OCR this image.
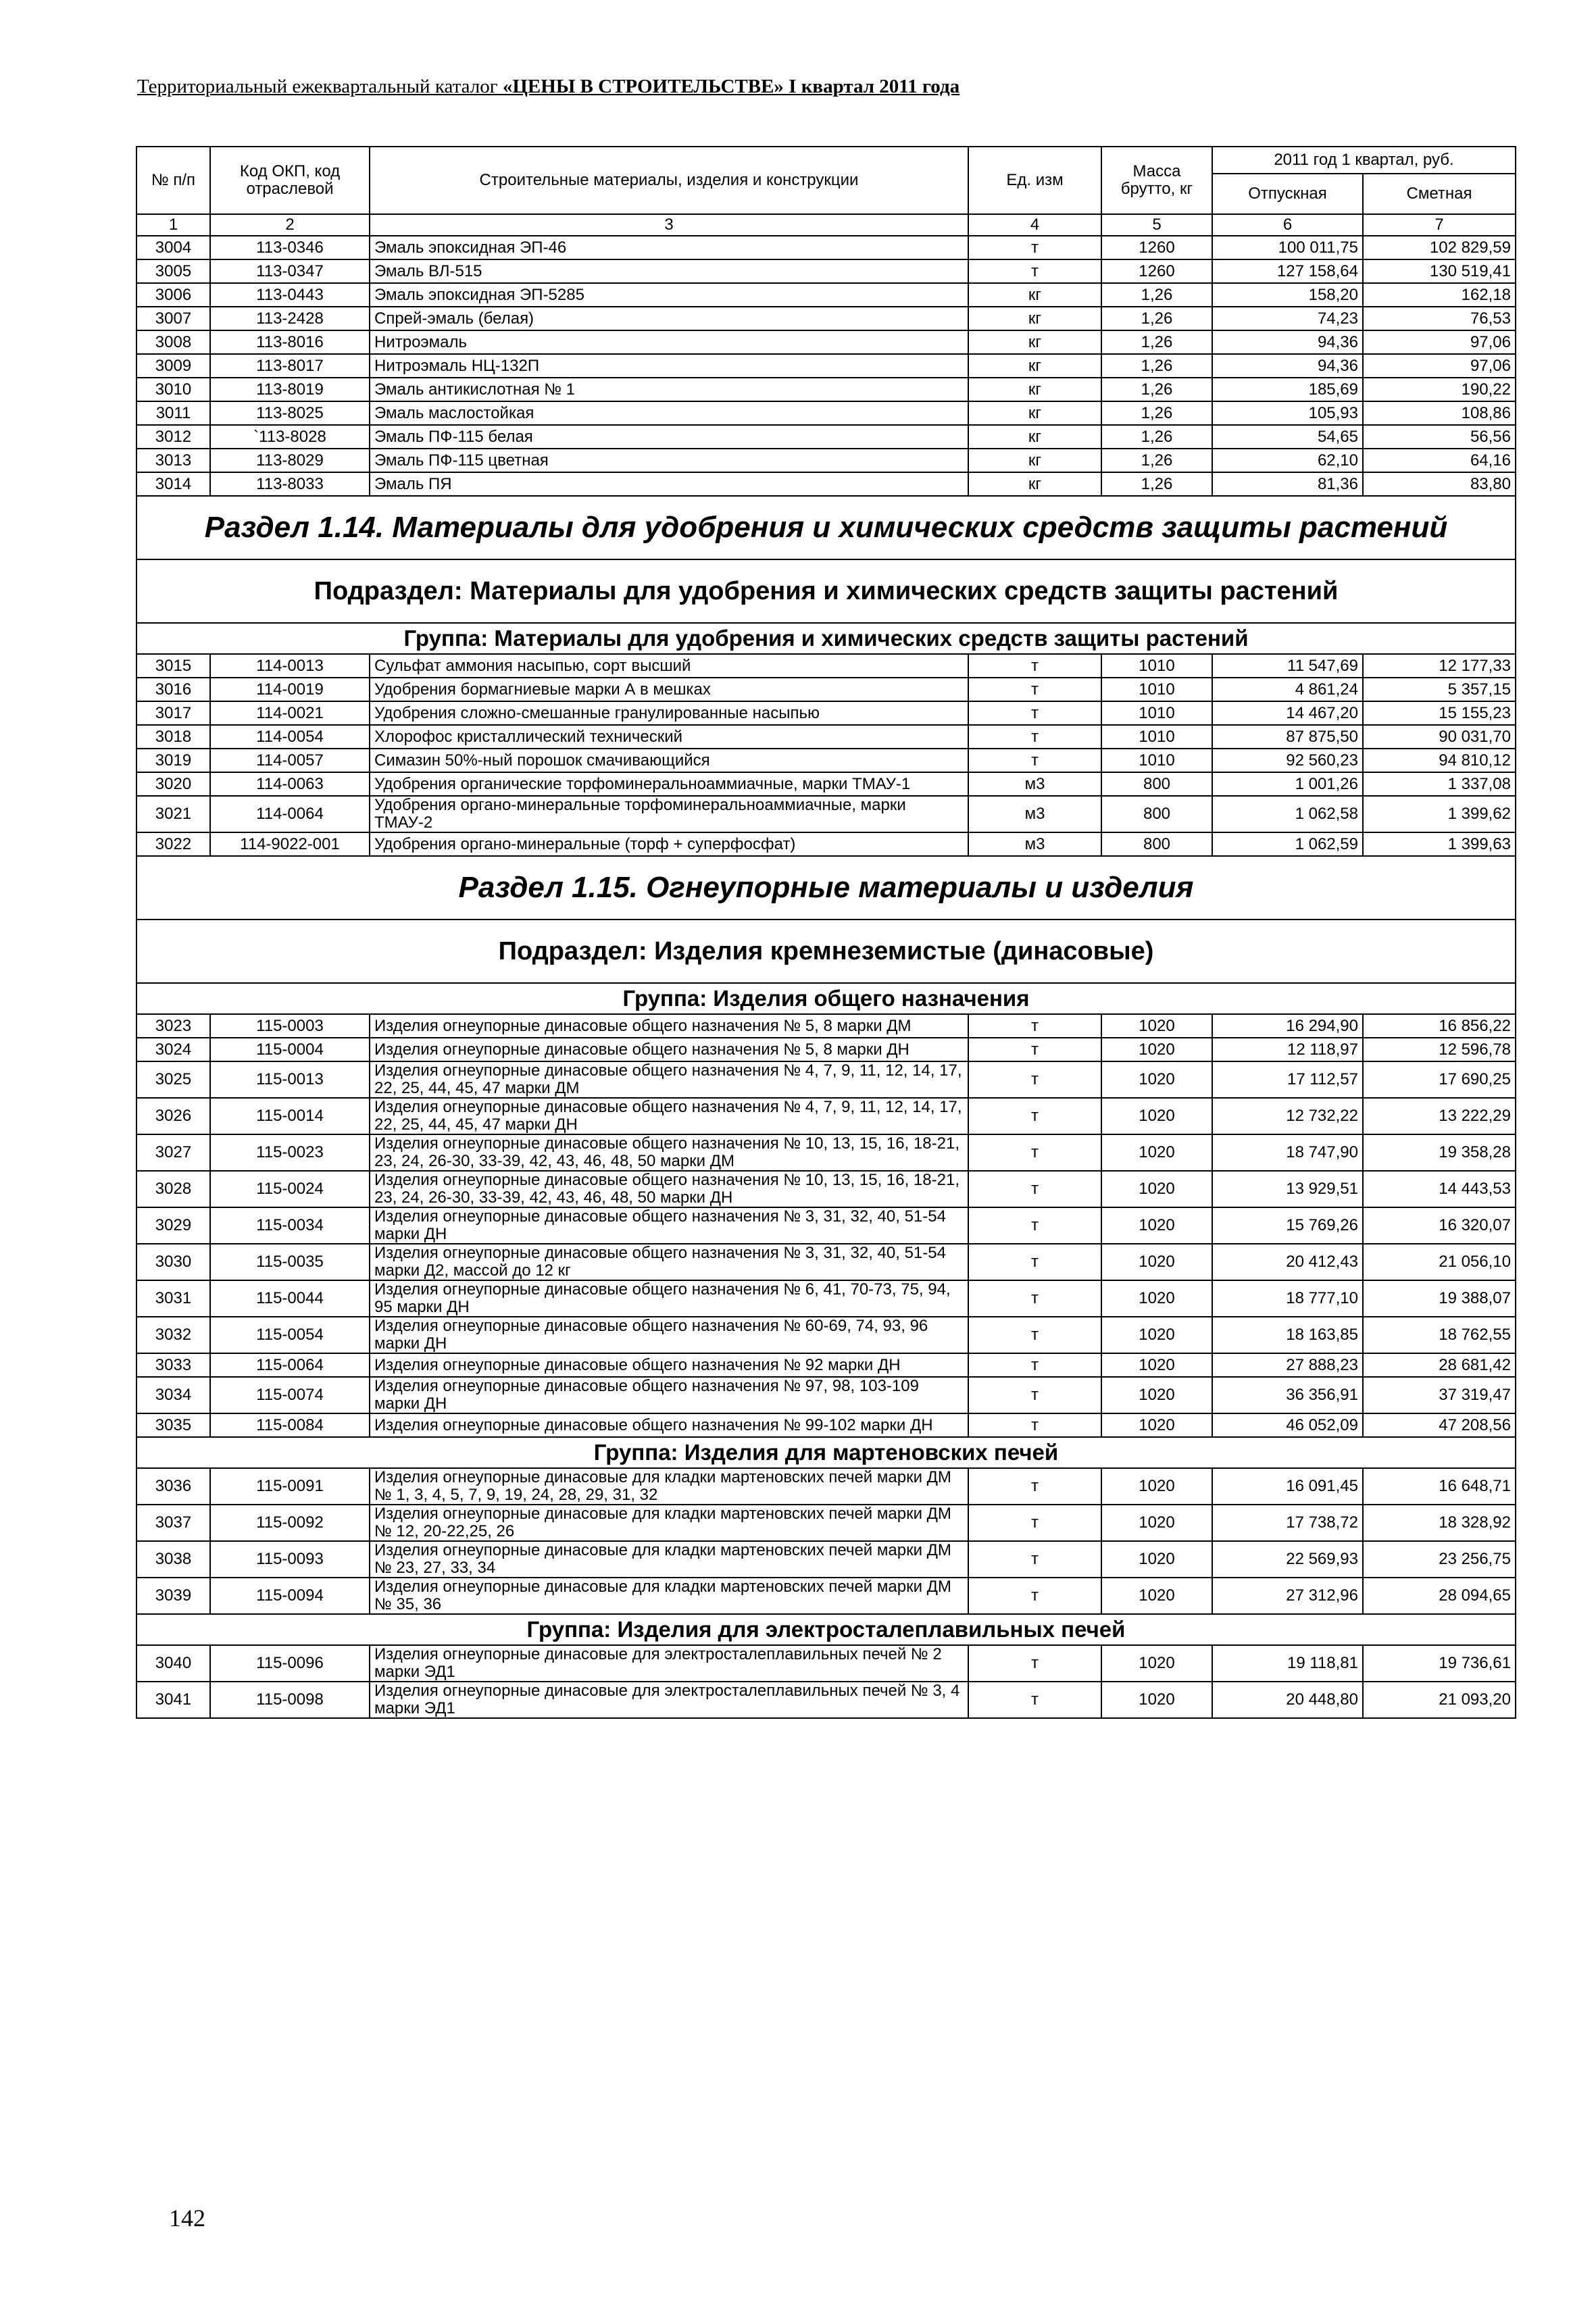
Территориальный ежеквартальный каталог «ЦЕНЫ В СТРОИТЕЛЬСТВЕ» I квартал 2011 года
№ п/п	Код ОКП, код отраслевой	Строительные материалы, изделия и конструкции	Ед. изм	Масса брутто, кг	2011 год 1 квартал, руб.	
					Отпускная	Сметная
1	2	3	4	5	6	7
3004	113-0346	Эмаль эпоксидная ЭП-46	т	1260	100 011,75	102 829,59
3005	113-0347	Эмаль ВЛ-515	т	1260	127 158,64	130 519,41
3006	113-0443	Эмаль эпоксидная ЭП-5285	кг	1,26	158,20	162,18
3007	113-2428	Спрей-эмаль (белая)	кг	1,26	74,23	76,53
3008	113-8016	Нитроэмаль	кг	1,26	94,36	97,06
3009	113-8017	Нитроэмаль НЦ-132П	кг	1,26	94,36	97,06
3010	113-8019	Эмаль антикислотная № 1	кг	1,26	185,69	190,22
3011	113-8025	Эмаль маслостойкая	кг	1,26	105,93	108,86
3012	`113-8028	Эмаль ПФ-115 белая	кг	1,26	54,65	56,56
3013	113-8029	Эмаль ПФ-115 цветная	кг	1,26	62,10	64,16
3014	113-8033	Эмаль ПЯ	кг	1,26	81,36	83,80
Раздел 1.14. Материалы для удобрения и химических средств защиты растений						
Подраздел: Материалы для удобрения и химических средств защиты растений						
Группа: Материалы для удобрения и химических средств защиты растений						
3015	114-0013	Сульфат аммония насыпью, сорт высший	т	1010	11 547,69	12 177,33
3016	114-0019	Удобрения бормагниевые марки А в мешках	т	1010	4 861,24	5 357,15
3017	114-0021	Удобрения сложно-смешанные гранулированные насыпью	т	1010	14 467,20	15 155,23
3018	114-0054	Хлорофос кристаллический технический	т	1010	87 875,50	90 031,70
3019	114-0057	Симазин 50%-ный порошок смачивающийся	т	1010	92 560,23	94 810,12
3020	114-0063	Удобрения органические торфоминеральноаммиачные, марки ТМАУ-1	м3	800	1 001,26	1 337,08
3021	114-0064	Удобрения органо-минеральные торфоминеральноаммиачные, марки ТМАУ-2	м3	800	1 062,58	1 399,62
3022	114-9022-001	Удобрения органо-минеральные (торф + суперфосфат)	м3	800	1 062,59	1 399,63
Раздел 1.15. Огнеупорные материалы и изделия						
Подраздел: Изделия кремнеземистые (динасовые)						
Группа: Изделия общего назначения						
3023	115-0003	Изделия огнеупорные динасовые общего назначения № 5, 8 марки ДМ	т	1020	16 294,90	16 856,22
3024	115-0004	Изделия огнеупорные динасовые общего назначения № 5, 8 марки ДН	т	1020	12 118,97	12 596,78
3025	115-0013	Изделия огнеупорные динасовые общего назначения № 4, 7, 9, 11, 12, 14, 17, 22, 25, 44, 45, 47 марки ДМ	т	1020	17 112,57	17 690,25
3026	115-0014	Изделия огнеупорные динасовые общего назначения № 4, 7, 9, 11, 12, 14, 17, 22, 25, 44, 45, 47 марки ДН	т	1020	12 732,22	13 222,29
3027	115-0023	Изделия огнеупорные динасовые общего назначения № 10, 13, 15, 16, 18-21, 23, 24, 26-30, 33-39, 42, 43, 46, 48, 50 марки ДМ	т	1020	18 747,90	19 358,28
3028	115-0024	Изделия огнеупорные динасовые общего назначения № 10, 13, 15, 16, 18-21, 23, 24, 26-30, 33-39, 42, 43, 46, 48, 50 марки ДН	т	1020	13 929,51	14 443,53
3029	115-0034	Изделия огнеупорные динасовые общего назначения № 3, 31, 32, 40, 51-54 марки ДН	т	1020	15 769,26	16 320,07
3030	115-0035	Изделия огнеупорные динасовые общего назначения № 3, 31, 32, 40, 51-54 марки Д2, массой до 12 кг	т	1020	20 412,43	21 056,10
3031	115-0044	Изделия огнеупорные динасовые общего назначения № 6, 41, 70-73, 75, 94, 95 марки ДН	т	1020	18 777,10	19 388,07
3032	115-0054	Изделия огнеупорные динасовые общего назначения № 60-69, 74, 93, 96 марки ДН	т	1020	18 163,85	18 762,55
3033	115-0064	Изделия огнеупорные динасовые общего назначения № 92 марки ДН	т	1020	27 888,23	28 681,42
3034	115-0074	Изделия огнеупорные динасовые общего назначения № 97, 98, 103-109 марки ДН	т	1020	36 356,91	37 319,47
3035	115-0084	Изделия огнеупорные динасовые общего назначения № 99-102 марки ДН	т	1020	46 052,09	47 208,56
Группа: Изделия для мартеновских печей						
3036	115-0091	Изделия огнеупорные динасовые для кладки мартеновских печей марки ДМ № 1, 3, 4, 5, 7, 9, 19, 24, 28, 29, 31, 32	т	1020	16 091,45	16 648,71
3037	115-0092	Изделия огнеупорные динасовые для кладки мартеновских печей марки ДМ № 12, 20-22,25, 26	т	1020	17 738,72	18 328,92
3038	115-0093	Изделия огнеупорные динасовые для кладки мартеновских печей марки ДМ № 23, 27, 33, 34	т	1020	22 569,93	23 256,75
3039	115-0094	Изделия огнеупорные динасовые для кладки мартеновских печей марки ДМ № 35, 36	т	1020	27 312,96	28 094,65
Группа: Изделия для электросталеплавильных печей						
3040	115-0096	Изделия огнеупорные динасовые для электросталеплавильных печей № 2 марки ЭД1	т	1020	19 118,81	19 736,61
3041	115-0098	Изделия огнеупорные динасовые для электросталеплавильных печей № 3, 4 марки ЭД1	т	1020	20 448,80	21 093,20
142
